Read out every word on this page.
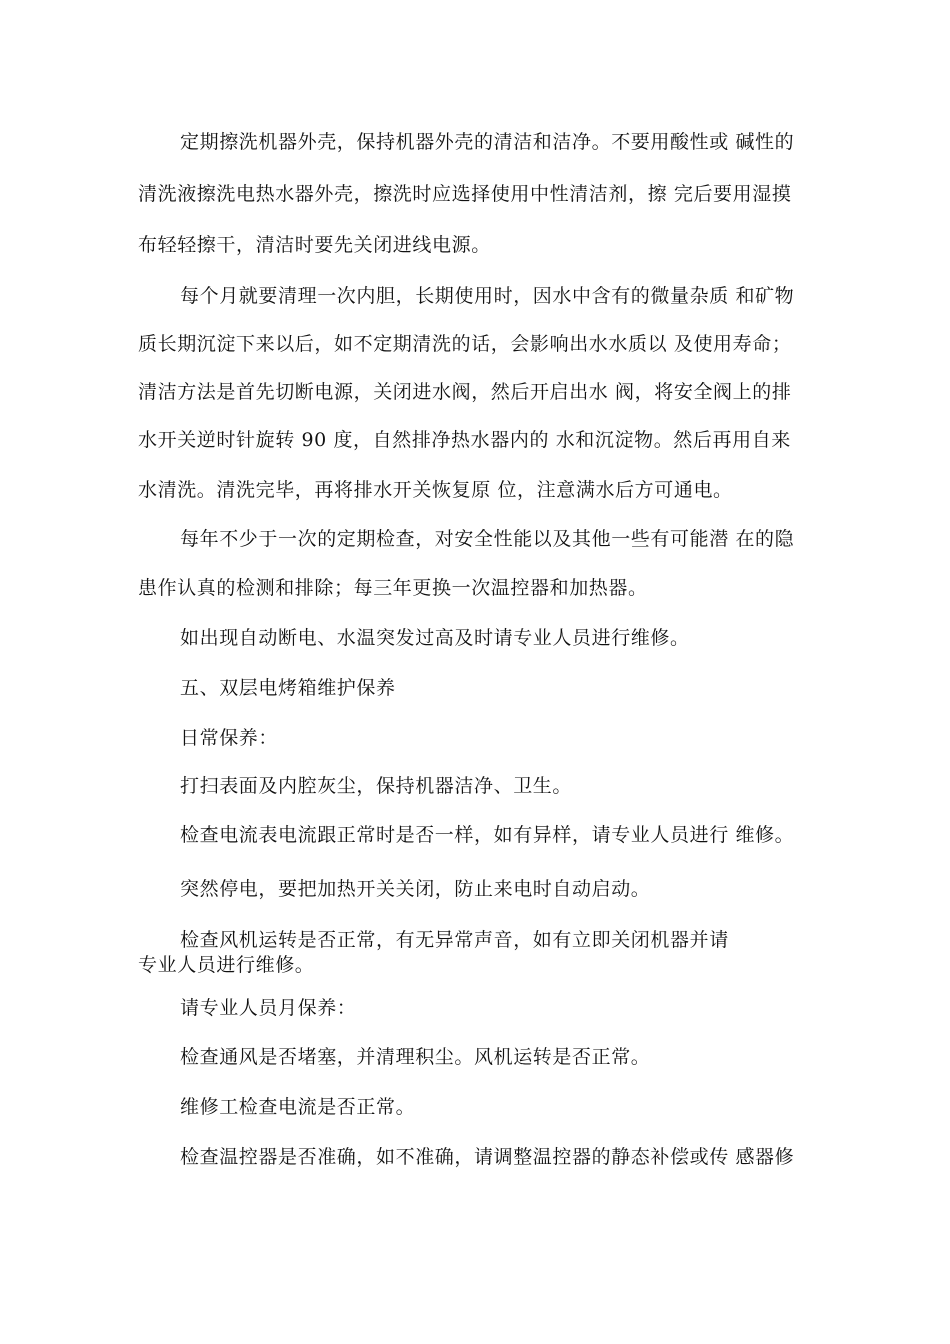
定期擦洗机器外壳，保持机器外壳的清洁和洁净。不要用酸性或 碱性的
清洗液擦洗电热水器外壳，擦洗时应选择使用中性清洁剂，擦 完后要用湿摸
布轻轻擦干，清洁时要先关闭进线电源。
每个月就要清理一次内胆，长期使用时，因水中含有的微量杂质 和矿物
质长期沉淀下来以后，如不定期清洗的话，会影响出水水质以 及使用寿命；
清洁方法是首先切断电源，关闭进水阀，然后开启出水 阀，将安全阀上的排
水开关逆时针旋转 90 度，自然排净热水器内的 水和沉淀物。然后再用自来
水清洗。清洗完毕，再将排水开关恢复原 位，注意满水后方可通电。
每年不少于一次的定期检查，对安全性能以及其他一些有可能潜 在的隐
患作认真的检测和排除；每三年更换一次温控器和加热器。
如出现自动断电、水温突发过高及时请专业人员进行维修。
五、双层电烤箱维护保养
日常保养：
打扫表面及内腔灰尘，保持机器洁净、卫生。
检查电流表电流跟正常时是否一样，如有异样，请专业人员进行 维修。
突然停电，要把加热开关关闭，防止来电时自动启动。
检查风机运转是否正常，有无异常声音，如有立即关闭机器并请
专业人员进行维修。
请专业人员月保养：
检查通风是否堵塞，并清理积尘。风机运转是否正常。
维修工检查电流是否正常。
检查温控器是否准确，如不准确，请调整温控器的静态补偿或传 感器修
